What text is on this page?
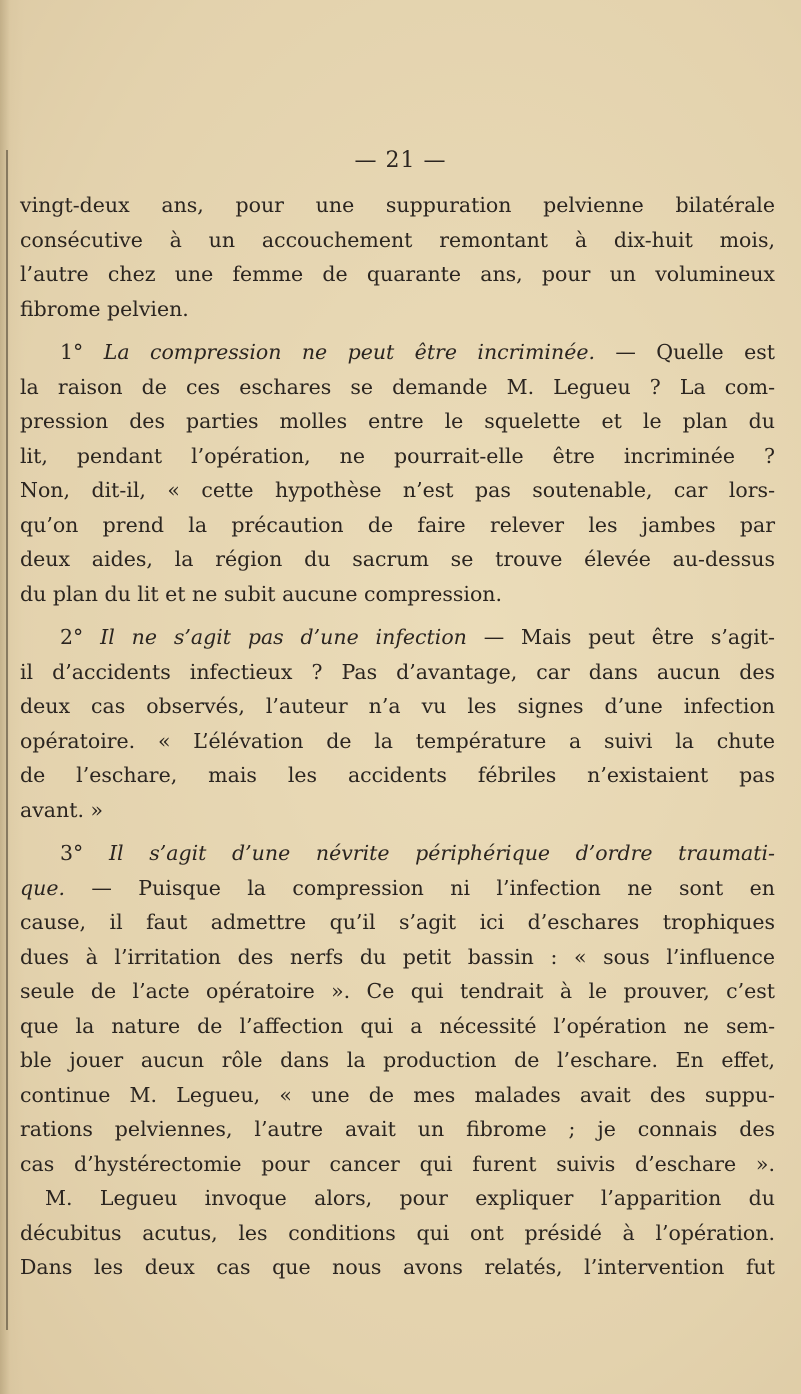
— 21 —
vingt-deux ans, pour une suppuration pelvienne bilatérale
consécutive à un accouchement remontant à dix-huit mois,
l’autre chez une femme de quarante ans, pour un volumineux
fibrome pelvien.
1° La compression ne peut être incriminée. — Quelle est
la raison de ces eschares se demande M. Legueu ? La com-
pression des parties molles entre le squelette et le plan du
lit, pendant l’opération, ne pourrait-elle être incriminée ?
Non, dit-il, « cette hypothèse n’est pas soutenable, car lors-
qu’on prend la précaution de faire relever les jambes par
deux aides, la région du sacrum se trouve élevée au-dessus
du plan du lit et ne subit aucune compression.
2° Il ne s’agit pas d’une infection — Mais peut être s’agit-
il d’accidents infectieux ? Pas d’avantage, car dans aucun des
deux cas observés, l’auteur n’a vu les signes d’une infection
opératoire. « L’élévation de la température a suivi la chute
de l’eschare, mais les accidents fébriles n’existaient pas
avant. »
3° Il s’agit d’une névrite périphérique d’ordre traumati-
que. — Puisque la compression ni l’infection ne sont en
cause, il faut admettre qu’il s’agit ici d’eschares trophiques
dues à l’irritation des nerfs du petit bassin : « sous l’influence
seule de l’acte opératoire ». Ce qui tendrait à le prouver, c’est
que la nature de l’affection qui a nécessité l’opération ne sem-
ble jouer aucun rôle dans la production de l’eschare. En effet,
continue M. Legueu, « une de mes malades avait des suppu-
rations pelviennes, l’autre avait un fibrome ; je connais des
cas d’hystérectomie pour cancer qui furent suivis d’eschare ».
M. Legueu invoque alors, pour expliquer l’apparition du
décubitus acutus, les conditions qui ont présidé à l’opération.
Dans les deux cas que nous avons relatés, l’intervention fut
